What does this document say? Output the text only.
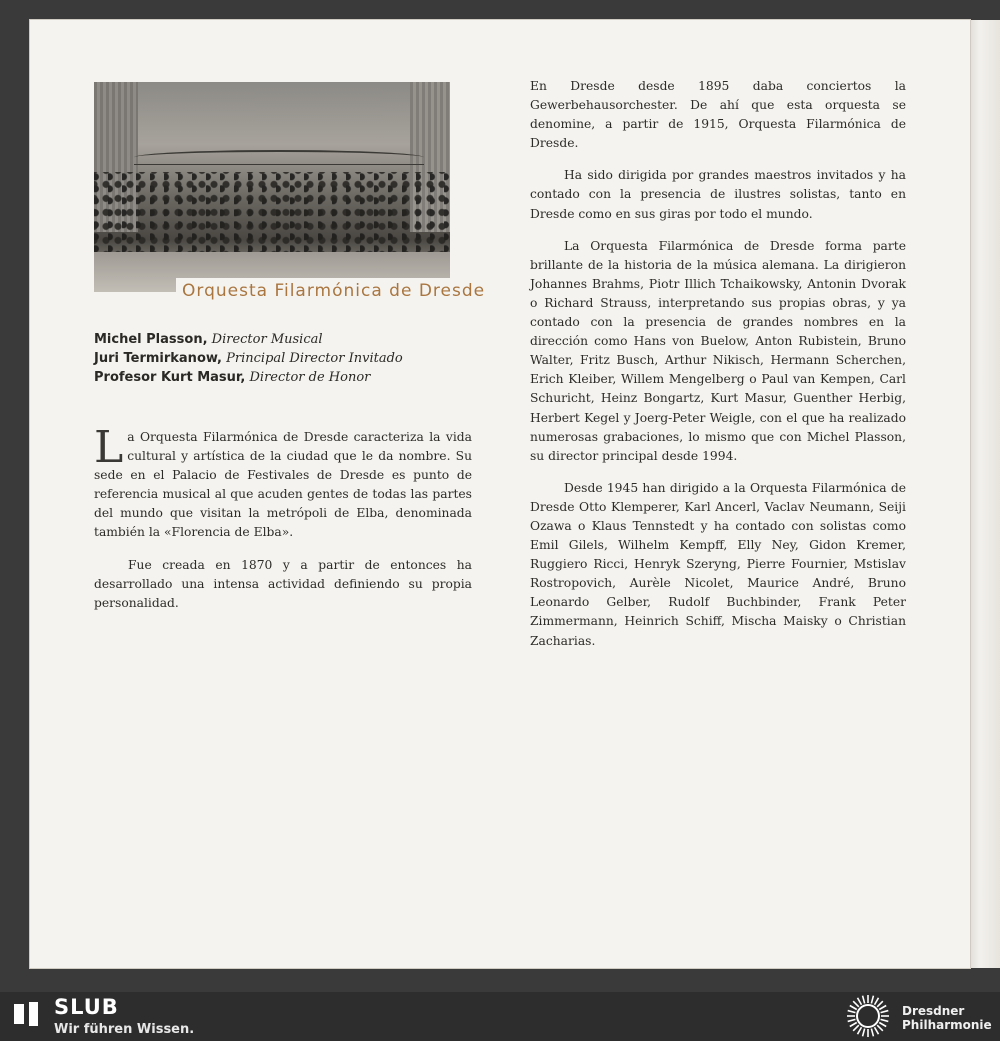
Orquesta Filarmónica de Dresde
Michel Plasson, Director Musical
Juri Termirkanow, Principal Director Invitado
Profesor Kurt Masur, Director de Honor

La Orquesta Filarmónica de Dresde caracteriza la vida cultural y artística de la ciudad que le da nombre. Su sede en el Palacio de Festivales de Dresde es punto de referencia musical al que acuden gentes de todas las partes del mundo que visitan la metrópoli de Elba, denominada también la «Florencia de Elba».

Fue creada en 1870 y a partir de entonces ha desarrollado una intensa actividad definiendo su propia personalidad.

En Dresde desde 1895 daba conciertos la Gewerbehausorchester. De ahí que esta orquesta se denomine, a partir de 1915, Orquesta Filarmónica de Dresde.

Ha sido dirigida por grandes maestros invitados y ha contado con la presencia de ilustres solistas, tanto en Dresde como en sus giras por todo el mundo.

La Orquesta Filarmónica de Dresde forma parte brillante de la historia de la música alemana. La dirigieron Johannes Brahms, Piotr Illich Tchaikowsky, Antonin Dvorak o Richard Strauss, interpretando sus propias obras, y ya contado con la presencia de grandes nombres en la dirección como Hans von Buelow, Anton Rubistein, Bruno Walter, Fritz Busch, Arthur Nikisch, Hermann Scherchen, Erich Kleiber, Willem Mengelberg o Paul van Kempen, Carl Schuricht, Heinz Bongartz, Kurt Masur, Guenther Herbig, Herbert Kegel y Joerg-Peter Weigle, con el que ha realizado numerosas grabaciones, lo mismo que con Michel Plasson, su director principal desde 1994.

Desde 1945 han dirigido a la Orquesta Filarmónica de Dresde Otto Klemperer, Karl Ancerl, Vaclav Neumann, Seiji Ozawa o Klaus Tennstedt y ha contado con solistas como Emil Gilels, Wilhelm Kempff, Elly Ney, Gidon Kremer, Ruggiero Ricci, Henryk Szeryng, Pierre Fournier, Mstislav Rostropovich, Aurèle Nicolet, Maurice André, Bruno Leonardo Gelber, Rudolf Buchbinder, Frank Peter Zimmermann, Heinrich Schiff, Mischa Maisky o Christian Zacharias.

SLUB
Wir führen Wissen.
Dresdner
Philharmonie
